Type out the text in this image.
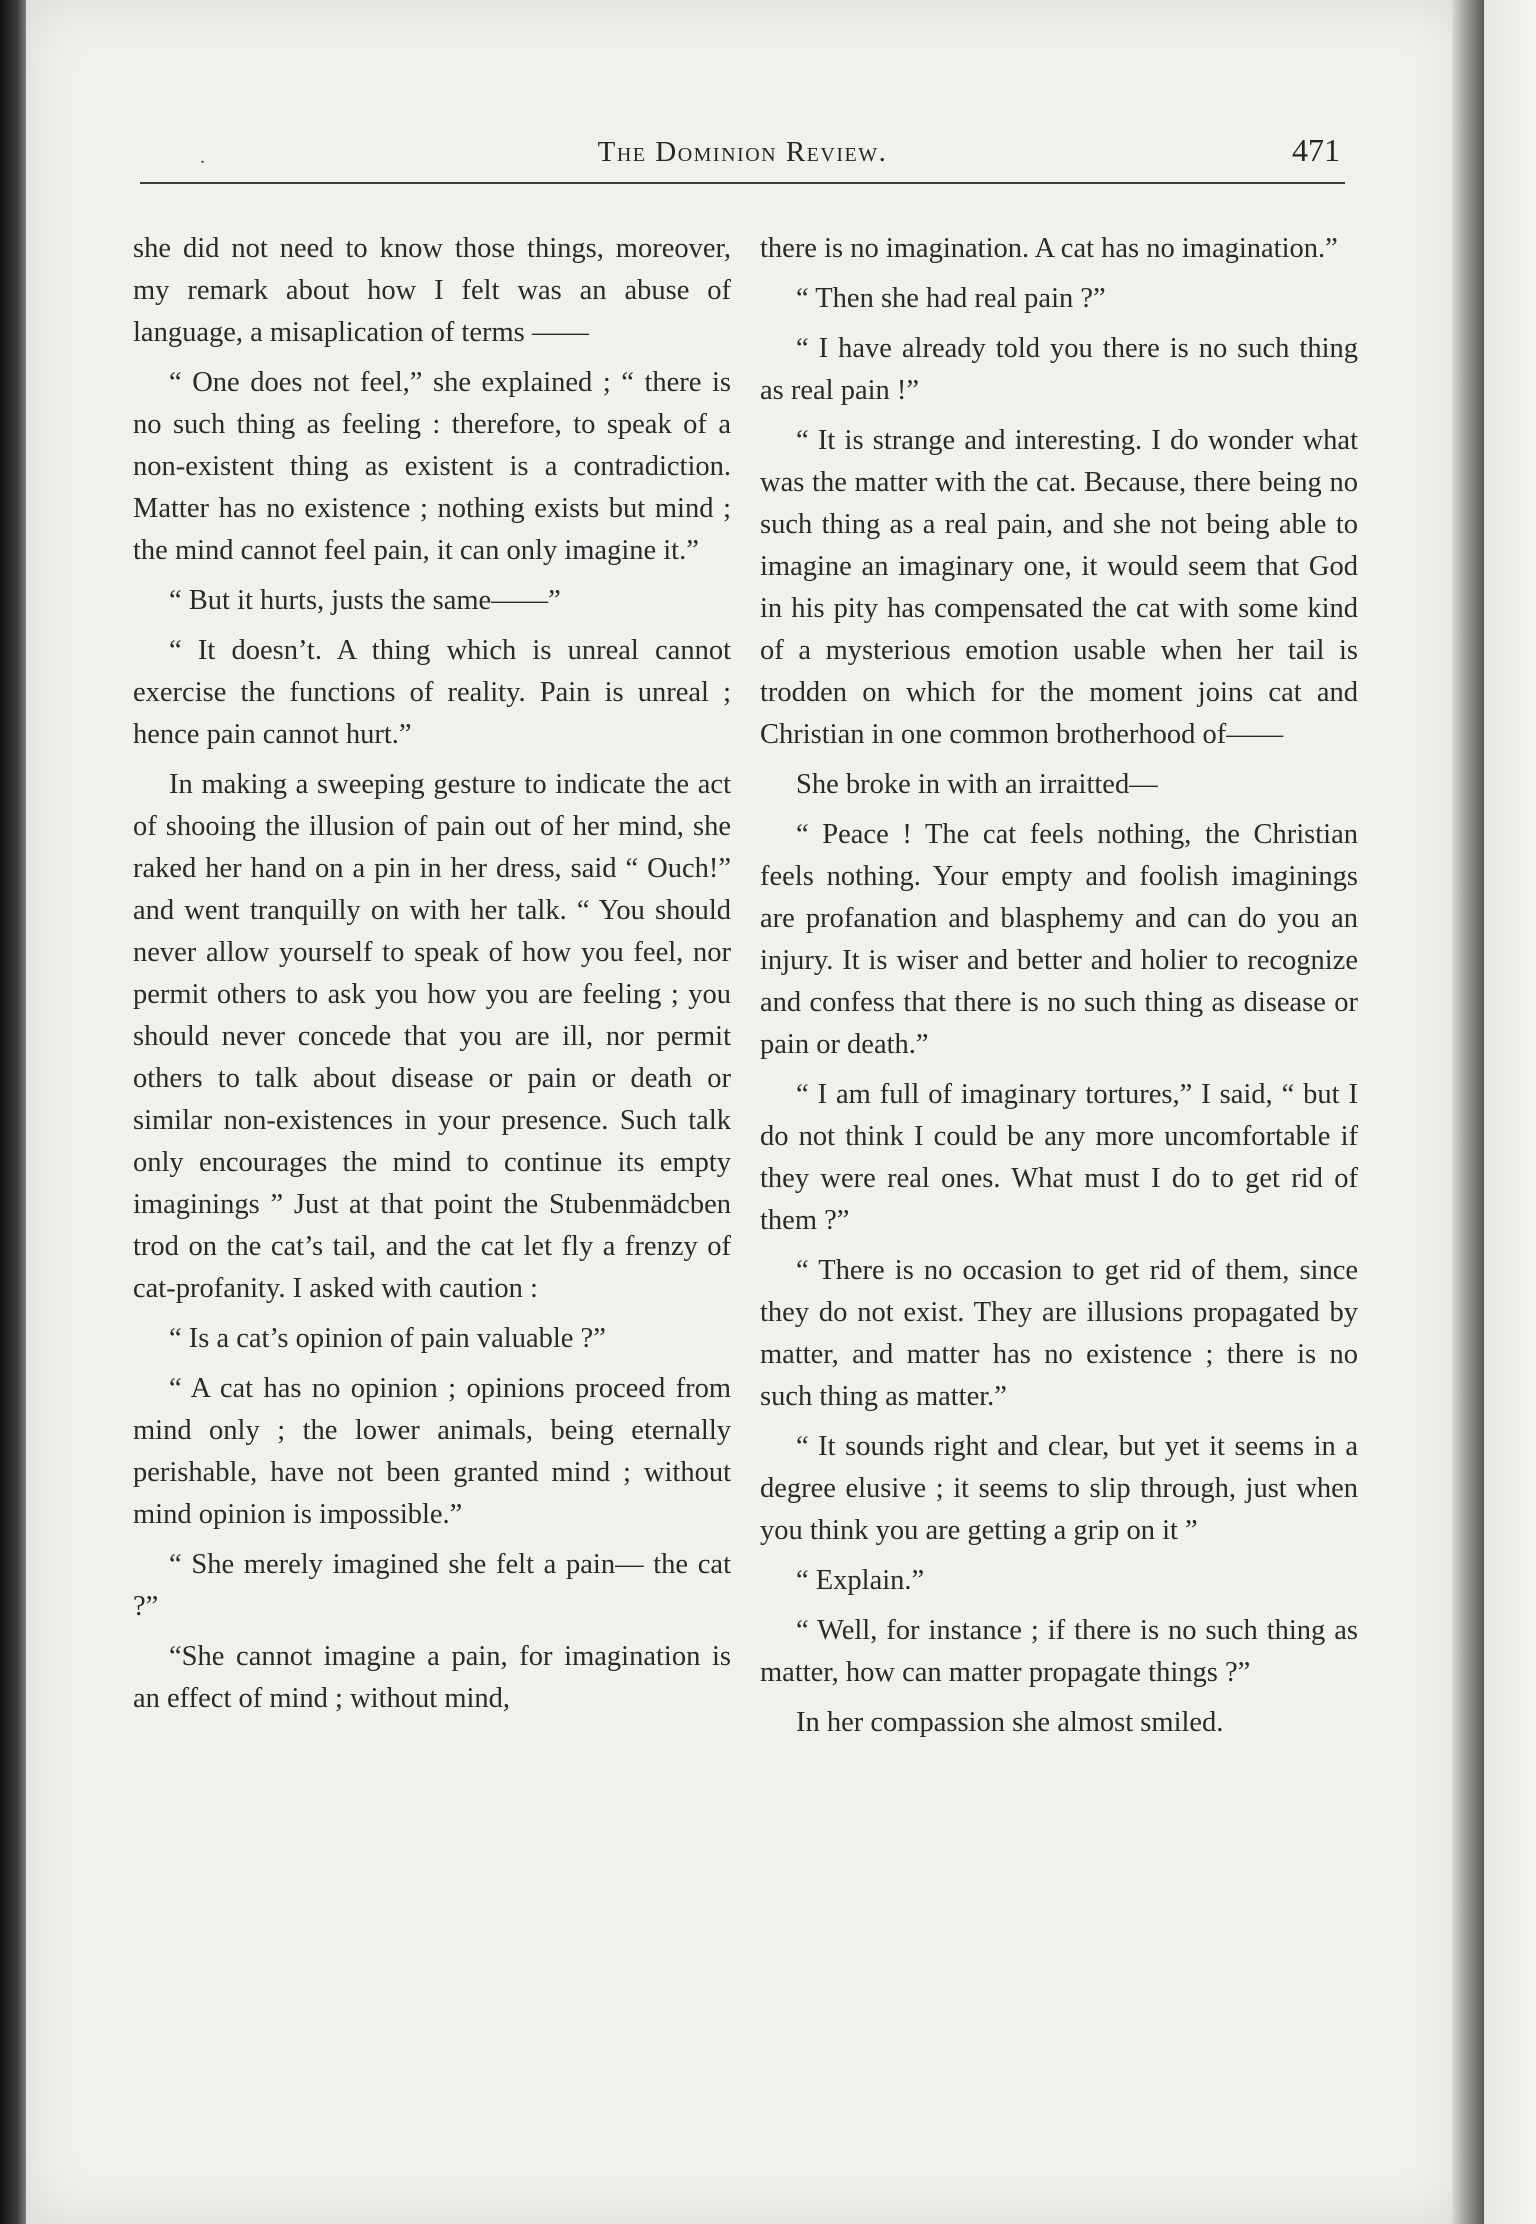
.	The Dominion Review.	471

she did not need to know those things, moreover, my remark about how I felt was an abuse of language, a misaplication of terms ——

“ One does not feel,” she explained ; “ there is no such thing as feeling : therefore, to speak of a non-existent thing as existent is a contradiction. Matter has no existence ; nothing exists but mind ; the mind cannot feel pain, it can only imagine it.”

“ But it hurts, justs the same——”

“ It doesn’t. A thing which is unreal cannot exercise the functions of reality. Pain is unreal ; hence pain cannot hurt.”

In making a sweeping gesture to indicate the act of shooing the illusion of pain out of her mind, she raked her hand on a pin in her dress, said “ Ouch!” and went tranquilly on with her talk. “ You should never allow yourself to speak of how you feel, nor permit others to ask you how you are feeling ; you should never concede that you are ill, nor permit others to talk about disease or pain or death or similar non-existences in your presence. Such talk only encourages the mind to continue its empty imaginings ” Just at that point the Stubenmädcben trod on the cat’s tail, and the cat let fly a frenzy of cat-profanity. I asked with caution :

“ Is a cat’s opinion of pain valuable ?”

“ A cat has no opinion ; opinions proceed from mind only ; the lower animals, being eternally perishable, have not been granted mind ; without mind opinion is impossible.”

“ She merely imagined she felt a pain— the cat ?”

“She cannot imagine a pain, for imagination is an effect of mind ; without mind,

there is no imagination. A cat has no imagination.”

“ Then she had real pain ?”

“ I have already told you there is no such thing as real pain !”

“ It is strange and interesting. I do wonder what was the matter with the cat. Because, there being no such thing as a real pain, and she not being able to imagine an imaginary one, it would seem that God in his pity has compensated the cat with some kind of a mysterious emotion usable when her tail is trodden on which for the moment joins cat and Christian in one common brotherhood of——

She broke in with an irraitted—

“ Peace ! The cat feels nothing, the Christian feels nothing. Your empty and foolish imaginings are profanation and blasphemy and can do you an injury. It is wiser and better and holier to recognize and confess that there is no such thing as disease or pain or death.”

“ I am full of imaginary tortures,” I said, “ but I do not think I could be any more uncomfortable if they were real ones. What must I do to get rid of them ?”

“ There is no occasion to get rid of them, since they do not exist. They are illusions propagated by matter, and matter has no existence ; there is no such thing as matter.”

“ It sounds right and clear, but yet it seems in a degree elusive ; it seems to slip through, just when you think you are getting a grip on it ”

“ Explain.”

“ Well, for instance ; if there is no such thing as matter, how can matter propagate things ?”

In her compassion she almost smiled.
